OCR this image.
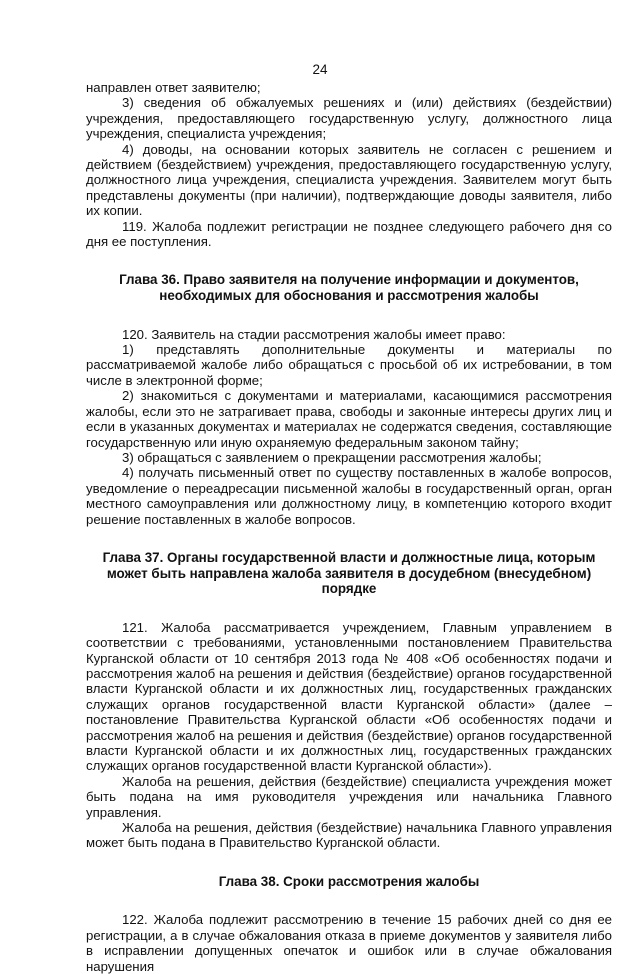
24

направлен ответ заявителю;

3) сведения об обжалуемых решениях и (или) действиях (бездействии) учреждения, предоставляющего государственную услугу, должностного лица учреждения, специалиста учреждения;

4) доводы, на основании которых заявитель не согласен с решением и действием (бездействием) учреждения, предоставляющего государственную услугу, должностного лица учреждения, специалиста учреждения. Заявителем могут быть представлены документы (при наличии), подтверждающие доводы заявителя, либо их копии.

119. Жалоба подлежит регистрации не позднее следующего рабочего дня со дня ее поступления.

Глава 36. Право заявителя на получение информации и документов, необходимых для обоснования и рассмотрения жалобы

120. Заявитель на стадии рассмотрения жалобы имеет право:

1) представлять дополнительные документы и материалы по рассматриваемой жалобе либо обращаться с просьбой об их истребовании, в том числе в электронной форме;

2) знакомиться с документами и материалами, касающимися рассмотрения жалобы, если это не затрагивает права, свободы и законные интересы других лиц и если в указанных документах и материалах не содержатся сведения, составляющие государственную или иную охраняемую федеральным законом тайну;

3) обращаться с заявлением о прекращении рассмотрения жалобы;

4) получать письменный ответ по существу поставленных в жалобе вопросов, уведомление о переадресации письменной жалобы в государственный орган, орган местного самоуправления или должностному лицу, в компетенцию которого входит решение поставленных в жалобе вопросов.

Глава 37. Органы государственной власти и должностные лица, которым может быть направлена жалоба заявителя в досудебном (внесудебном) порядке

121. Жалоба рассматривается учреждением, Главным управлением в соответствии с требованиями, установленными постановлением Правительства Курганской области от 10 сентября 2013 года № 408 «Об особенностях подачи и рассмотрения жалоб на решения и действия (бездействие) органов государственной власти Курганской области и их должностных лиц, государственных гражданских служащих органов государственной власти Курганской области» (далее – постановление Правительства Курганской области «Об особенностях подачи и рассмотрения жалоб на решения и действия (бездействие) органов государственной власти Курганской области и их должностных лиц, государственных гражданских служащих органов государственной власти Курганской области»).

Жалоба на решения, действия (бездействие) специалиста учреждения может быть подана на имя руководителя учреждения или начальника Главного управления.

Жалоба на решения, действия (бездействие) начальника Главного управления может быть подана в Правительство Курганской области.

Глава 38. Сроки рассмотрения жалобы

122. Жалоба подлежит рассмотрению в течение 15 рабочих дней со дня ее регистрации, а в случае обжалования отказа в приеме документов у заявителя либо в исправлении допущенных опечаток и ошибок или в случае обжалования нарушения
